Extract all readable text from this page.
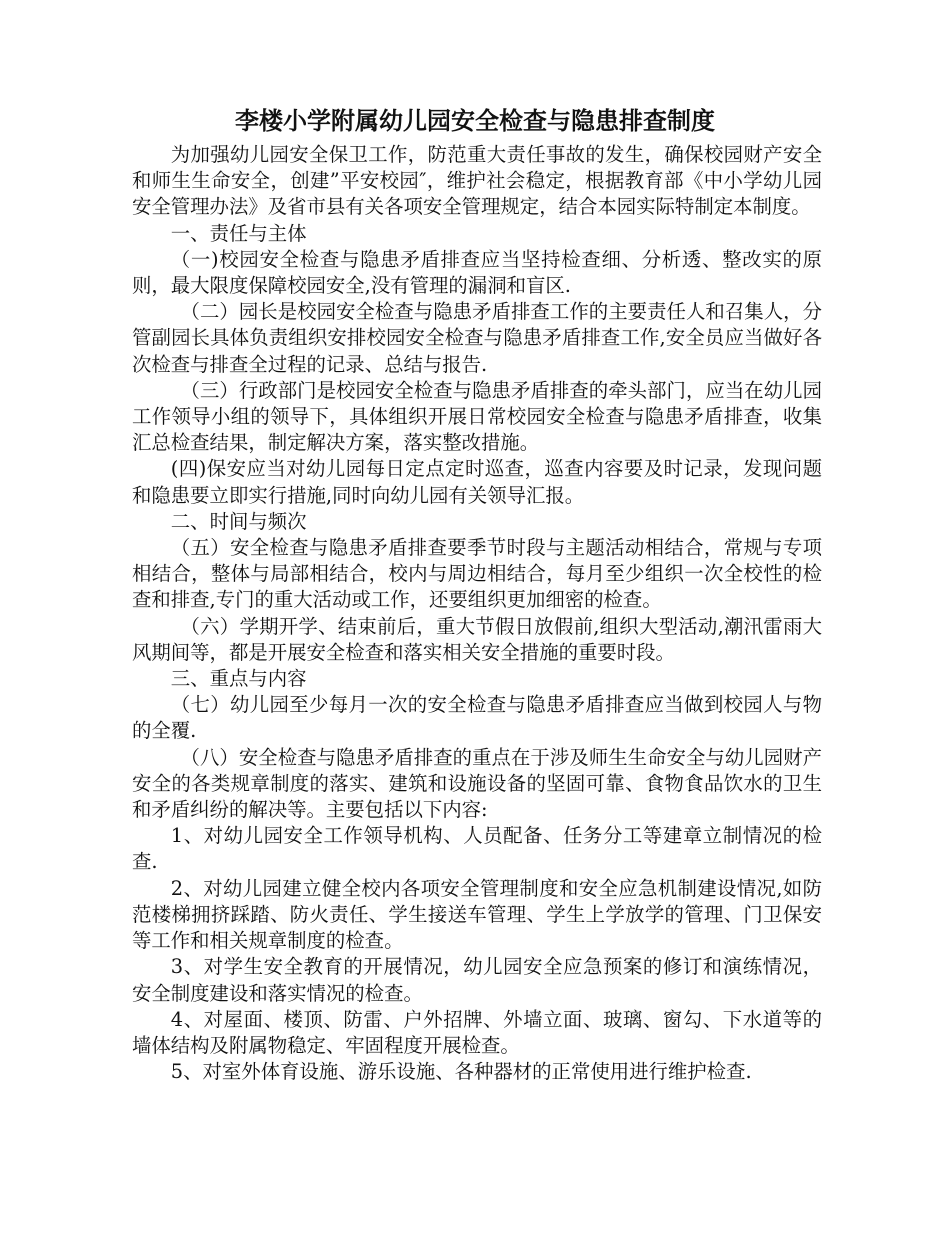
李楼小学附属幼儿园安全检查与隐患排查制度

为加强幼儿园安全保卫工作，防范重大责任事故的发生，确保校园财产安全和师生生命安全，创建”平安校园″，维护社会稳定，根据教育部《中小学幼儿园安全管理办法》及省市县有关各项安全管理规定，结合本园实际特制定本制度。

一、责任与主体

（一)校园安全检查与隐患矛盾排查应当坚持检查细、分析透、整改实的原则，最大限度保障校园安全,没有管理的漏洞和盲区.

（二）园长是校园安全检查与隐患矛盾排查工作的主要责任人和召集人，分管副园长具体负责组织安排校园安全检查与隐患矛盾排查工作,安全员应当做好各次检查与排查全过程的记录、总结与报告.

（三）行政部门是校园安全检查与隐患矛盾排查的牵头部门，应当在幼儿园工作领导小组的领导下，具体组织开展日常校园安全检查与隐患矛盾排查，收集汇总检查结果，制定解决方案，落实整改措施。

(四)保安应当对幼儿园每日定点定时巡查，巡查内容要及时记录，发现问题和隐患要立即实行措施,同时向幼儿园有关领导汇报。

二、时间与频次

（五）安全检查与隐患矛盾排查要季节时段与主题活动相结合，常规与专项相结合，整体与局部相结合，校内与周边相结合，每月至少组织一次全校性的检查和排查,专门的重大活动或工作，还要组织更加细密的检查。

（六）学期开学、结束前后，重大节假日放假前,组织大型活动,潮汛雷雨大风期间等，都是开展安全检查和落实相关安全措施的重要时段。

三、重点与内容

（七）幼儿园至少每月一次的安全检查与隐患矛盾排查应当做到校园人与物的全覆.

（八）安全检查与隐患矛盾排查的重点在于涉及师生生命安全与幼儿园财产安全的各类规章制度的落实、建筑和设施设备的坚固可靠、食物食品饮水的卫生和矛盾纠纷的解决等。主要包括以下内容:

1、对幼儿园安全工作领导机构、人员配备、任务分工等建章立制情况的检查.

2、对幼儿园建立健全校内各项安全管理制度和安全应急机制建设情况,如防范楼梯拥挤踩踏、防火责任、学生接送车管理、学生上学放学的管理、门卫保安等工作和相关规章制度的检查。

3、对学生安全教育的开展情况，幼儿园安全应急预案的修订和演练情况，安全制度建设和落实情况的检查。

4、对屋面、楼顶、防雷、户外招牌、外墙立面、玻璃、窗勾、下水道等的墙体结构及附属物稳定、牢固程度开展检查。

5、对室外体育设施、游乐设施、各种器材的正常使用进行维护检查.
